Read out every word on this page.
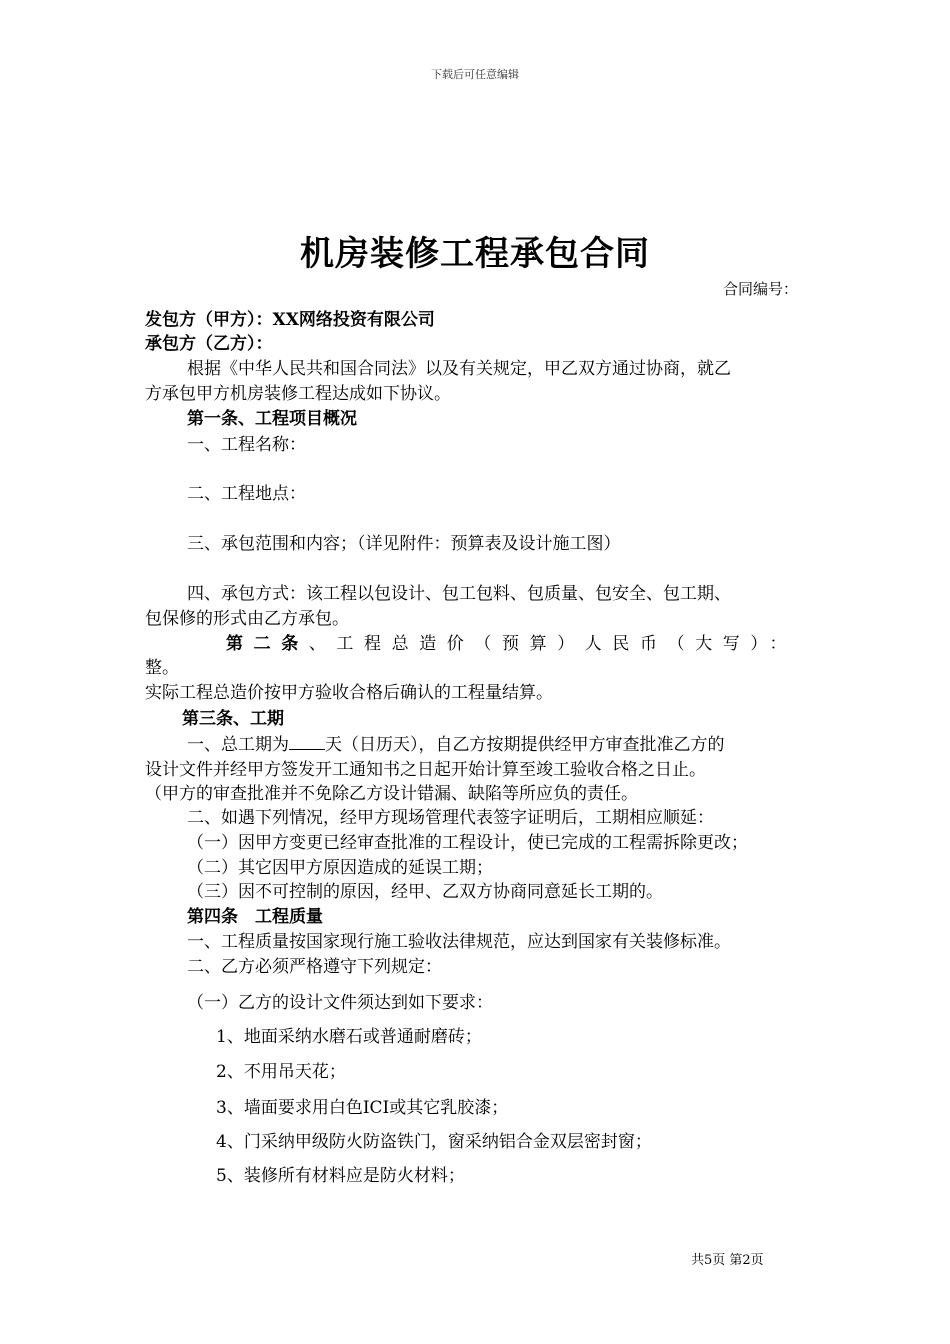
下载后可任意编辑
机房装修工程承包合同
合同编号：
发包方（甲方）：XX网络投资有限公司
承包方（乙方）：
根据《中华人民共和国合同法》以及有关规定，甲乙双方通过协商，就乙
方承包甲方机房装修工程达成如下协议。
第一条、工程项目概况
一、工程名称：
二、工程地点：
三、承包范围和内容；（详见附件：预算表及设计施工图）
四、承包方式：该工程以包设计、包工包料、包质量、包安全、包工期、
包保修的形式由乙方承包。
第二条、工程总造价（预算）人民币（大写）：
整。
实际工程总造价按甲方验收合格后确认的工程量结算。
第三条、工期
一、总工期为 天（日历天），自乙方按期提供经甲方审查批准乙方的
设计文件并经甲方签发开工通知书之日起开始计算至竣工验收合格之日止。
（甲方的审查批准并不免除乙方设计错漏、缺陷等所应负的责任。
二、如遇下列情况，经甲方现场管理代表签字证明后，工期相应顺延：
（一）因甲方变更已经审查批准的工程设计，使已完成的工程需拆除更改；
（二）其它因甲方原因造成的延误工期；
（三）因不可控制的原因，经甲、乙双方协商同意延长工期的。
第四条　工程质量
一、工程质量按国家现行施工验收法律规范，应达到国家有关装修标准。
二、乙方必须严格遵守下列规定：
（一）乙方的设计文件须达到如下要求：
1、地面采纳水磨石或普通耐磨砖；
2、不用吊天花；
3、墙面要求用白色ICI或其它乳胶漆；
4、门采纳甲级防火防盗铁门，窗采纳铝合金双层密封窗；
5、装修所有材料应是防火材料；
共5页 第2页
